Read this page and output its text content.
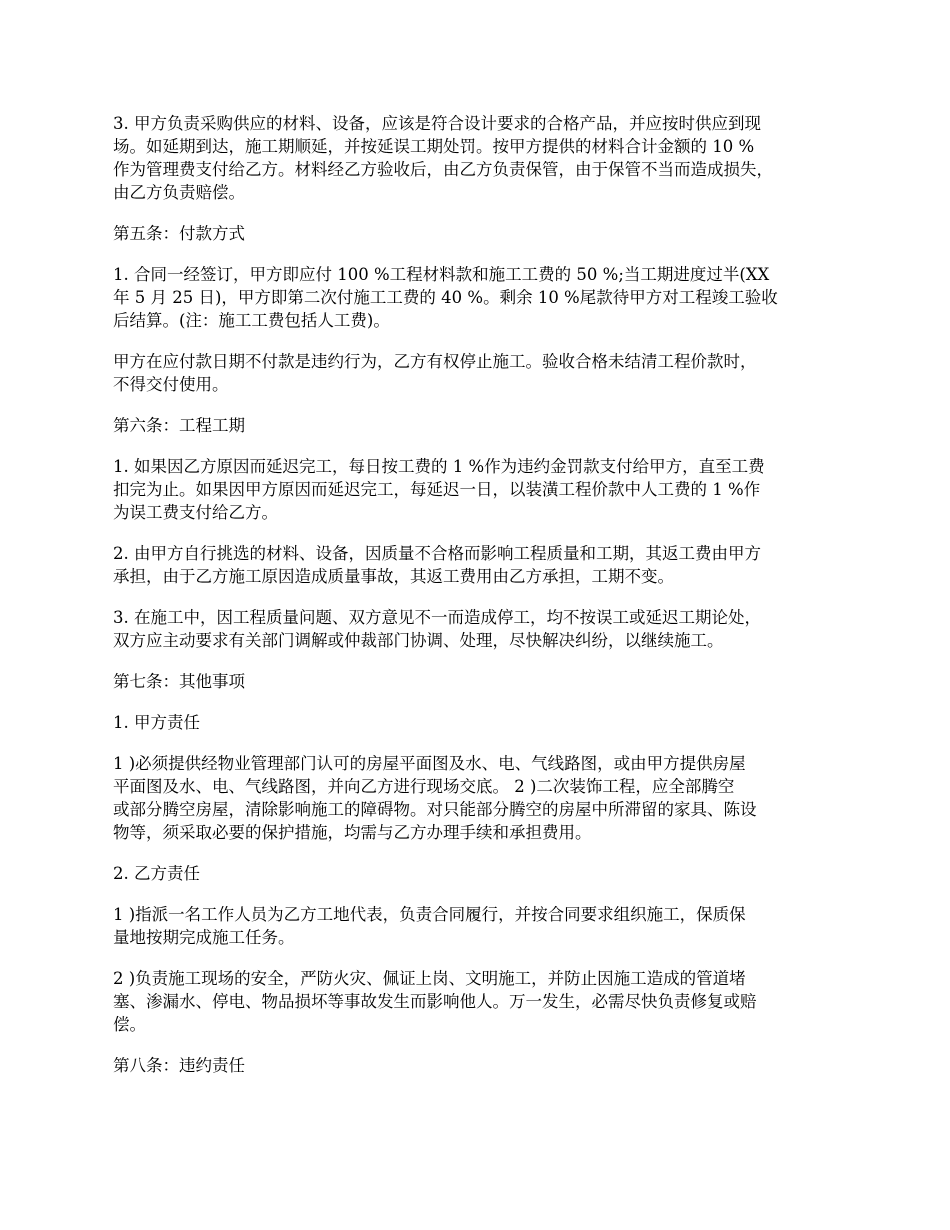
3. 甲方负责采购供应的材料、设备，应该是符合设计要求的合格产品，并应按时供应到现
场。如延期到达，施工期顺延，并按延误工期处罚。按甲方提供的材料合计金额的 10 %
作为管理费支付给乙方。材料经乙方验收后，由乙方负责保管，由于保管不当而造成损失，
由乙方负责赔偿。

第五条：付款方式

1. 合同一经签订，甲方即应付 100 %工程材料款和施工工费的 50 %;当工期进度过半(XX
年 5 月 25 日)，甲方即第二次付施工工费的 40 %。剩余 10 %尾款待甲方对工程竣工验收
后结算。(注：施工工费包括人工费)。

甲方在应付款日期不付款是违约行为，乙方有权停止施工。验收合格未结清工程价款时，
不得交付使用。

第六条：工程工期

1. 如果因乙方原因而延迟完工，每日按工费的 1 %作为违约金罚款支付给甲方，直至工费
扣完为止。如果因甲方原因而延迟完工，每延迟一日，以装潢工程价款中人工费的 1 %作
为误工费支付给乙方。

2. 由甲方自行挑选的材料、设备，因质量不合格而影响工程质量和工期，其返工费由甲方
承担，由于乙方施工原因造成质量事故，其返工费用由乙方承担，工期不变。

3. 在施工中，因工程质量问题、双方意见不一而造成停工，均不按误工或延迟工期论处，
双方应主动要求有关部门调解或仲裁部门协调、处理，尽快解决纠纷，以继续施工。

第七条：其他事项

1. 甲方责任

1 )必须提供经物业管理部门认可的房屋平面图及水、电、气线路图，或由甲方提供房屋
平面图及水、电、气线路图，并向乙方进行现场交底。 2 )二次装饰工程，应全部腾空
或部分腾空房屋，清除影响施工的障碍物。对只能部分腾空的房屋中所滞留的家具、陈设
物等，须采取必要的保护措施，均需与乙方办理手续和承担费用。

2. 乙方责任

1 )指派一名工作人员为乙方工地代表，负责合同履行，并按合同要求组织施工，保质保
量地按期完成施工任务。

2 )负责施工现场的安全，严防火灾、佩证上岗、文明施工，并防止因施工造成的管道堵
塞、渗漏水、停电、物品损坏等事故发生而影响他人。万一发生，必需尽快负责修复或赔
偿。

第八条：违约责任
